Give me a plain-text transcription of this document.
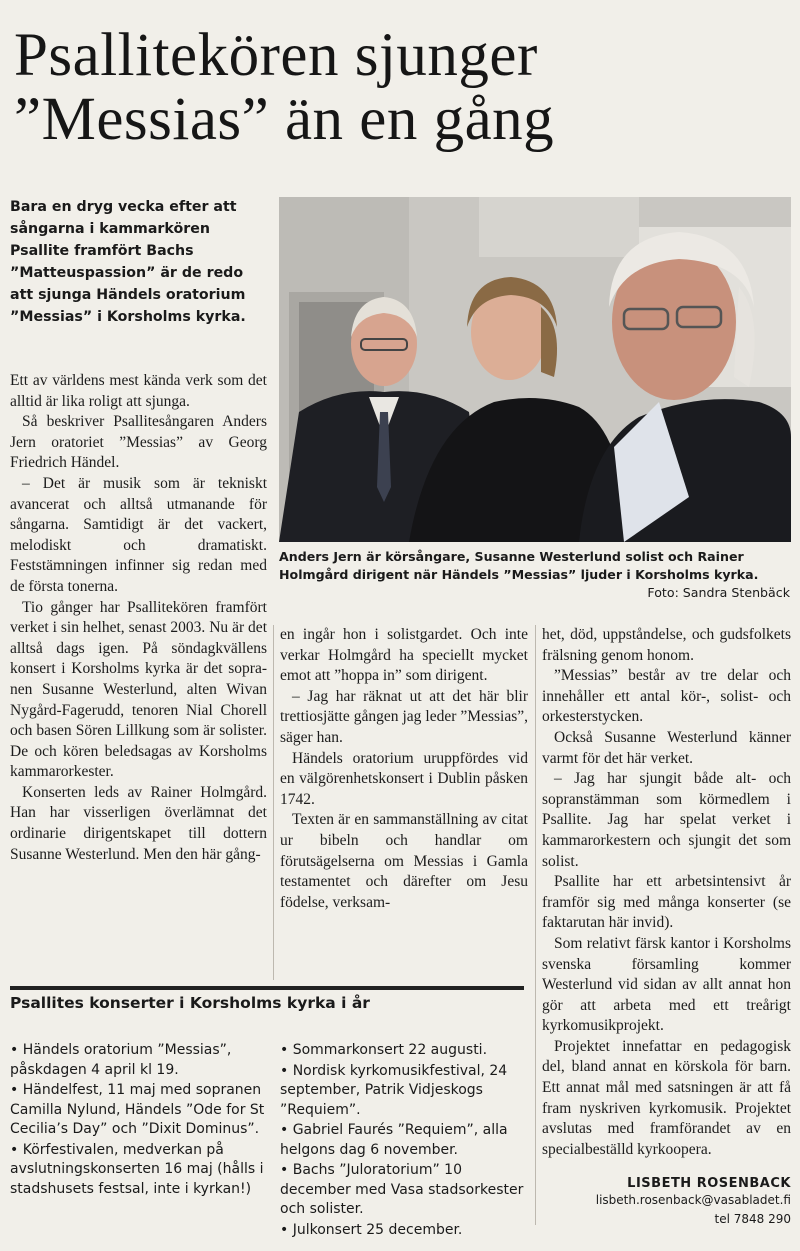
Psallitekören sjunger ”Messias” än en gång

Bara en dryg vecka efter att sångarna i kammarkören Psallite framfört Bachs ”Matteuspassion” är de redo att sjunga Händels oratorium ”Messias” i Korsholms kyrka.

Anders Jern är körsångare, Susanne Westerlund solist och Rainer Holmgård dirigent när Händels ”Messias” ljuder i Korsholms kyrka.

Foto: Sandra Stenbäck

Ett av världens mest kända verk som det alltid är lika roligt att sjunga.

Så beskriver Psallitesångaren Anders Jern oratoriet ”Messias” av Georg Friedrich Händel.

– Det är musik som är tekniskt avancerat och alltså utmanande för sångarna. Samtidigt är det vackert, melodiskt och dramatiskt. Feststämningen infinner sig redan med de första tonerna.

Tio gånger har Psallitekören framfört verket i sin helhet, senast 2003. Nu är det alltså dags igen. På söndagkvällens konsert i Korsholms kyrka är det sopranen Susanne Westerlund, alten Wivan Nygård-Fagerudd, tenoren Nial Chorell och basen Sören Lillkung som är solister. De och kören beledsagas av Korsholms kammarorkester.

Konserten leds av Rainer Holmgård. Han har visserligen överlämnat det ordinarie dirigentskapet till dottern Susanne Westerlund. Men den här gång-

en ingår hon i solistgardet. Och inte verkar Holmgård ha speciellt mycket emot att ”hoppa in” som dirigent.

– Jag har räknat ut att det här blir trettiosjätte gången jag leder ”Messias”, säger han.

Händels oratorium uruppfördes vid en välgörenhetskonsert i Dublin påsken 1742.

Texten är en sammanställning av citat ur bibeln och handlar om förutsägelserna om Messias i Gamla testamentet och därefter om Jesu födelse, verksam-

het, död, uppståndelse, och gudsfolkets frälsning genom honom.

”Messias” består av tre delar och innehåller ett antal kör-, solist- och orkesterstycken.

Också Susanne Westerlund känner varmt för det här verket.

– Jag har sjungit både alt- och sopranstämman som körmedlem i Psallite. Jag har spelat verket i kammarorkestern och sjungit det som solist.

Psallite har ett arbetsintensivt år framför sig med många konserter (se faktarutan här invid).

Som relativt färsk kantor i Korsholms svenska församling kommer Westerlund vid sidan av allt annat hon gör att arbeta med ett treårigt kyrkomusikprojekt.

Projektet innefattar en pedagogisk del, bland annat en körskola för barn. Ett annat mål med satsningen är att få fram nyskriven kyrkomusik. Projektet avslutas med framförandet av en specialbeställd kyrkoopera.

Psallites konserter i Korsholms kyrka i år
• Händels oratorium ”Messias”, påskdagen 4 april kl 19.
• Händelfest, 11 maj med sopranen Camilla Nylund, Händels ”Ode for St Cecilia’s Day” och ”Dixit Dominus”.
• Körfestivalen, medverkan på avslutningskonserten 16 maj (hålls i stadshusets festsal, inte i kyrkan!)
• Sommarkonsert 22 augusti.
• Nordisk kyrkomusikfestival, 24 september, Patrik Vidjeskogs ”Requiem”.
• Gabriel Faurés ”Requiem”, alla helgons dag 6 november.
• Bachs ”Juloratorium” 10 december med Vasa stadsorkester och solister.
• Julkonsert 25 december.
LISBETH ROSENBACK
lisbeth.rosenback@vasabladet.fi
tel 7848 290
